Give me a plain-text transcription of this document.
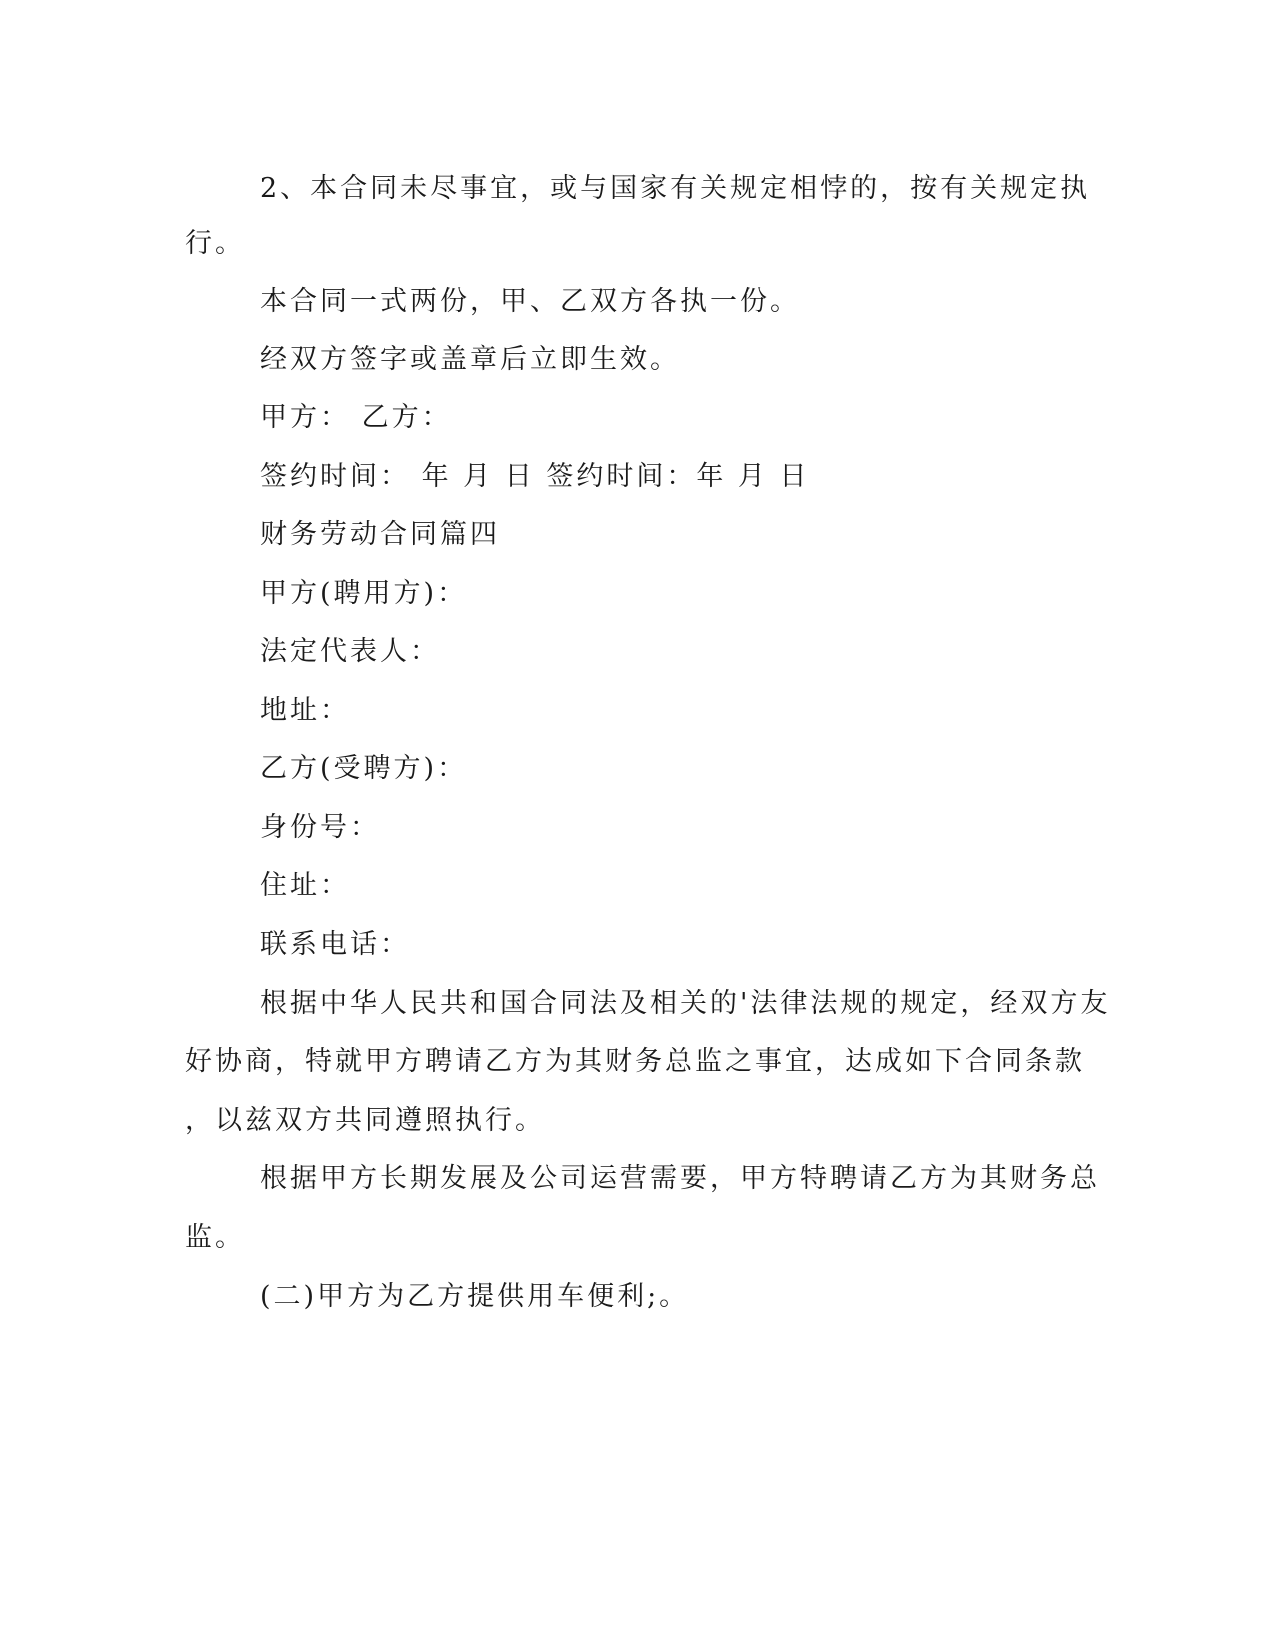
2、本合同未尽事宜，或与国家有关规定相悖的，按有关规定执
行。
本合同一式两份，甲、乙双方各执一份。
经双方签字或盖章后立即生效。
甲方： 乙方：
签约时间： 年 月 日 签约时间：年 月 日
财务劳动合同篇四
甲方(聘用方)：
法定代表人：
地址：
乙方(受聘方)：
身份号：
住址：
联系电话：
根据中华人民共和国合同法及相关的'法律法规的规定，经双方友
好协商，特就甲方聘请乙方为其财务总监之事宜，达成如下合同条款
，以兹双方共同遵照执行。
根据甲方长期发展及公司运营需要，甲方特聘请乙方为其财务总
监。
(二)甲方为乙方提供用车便利;。
